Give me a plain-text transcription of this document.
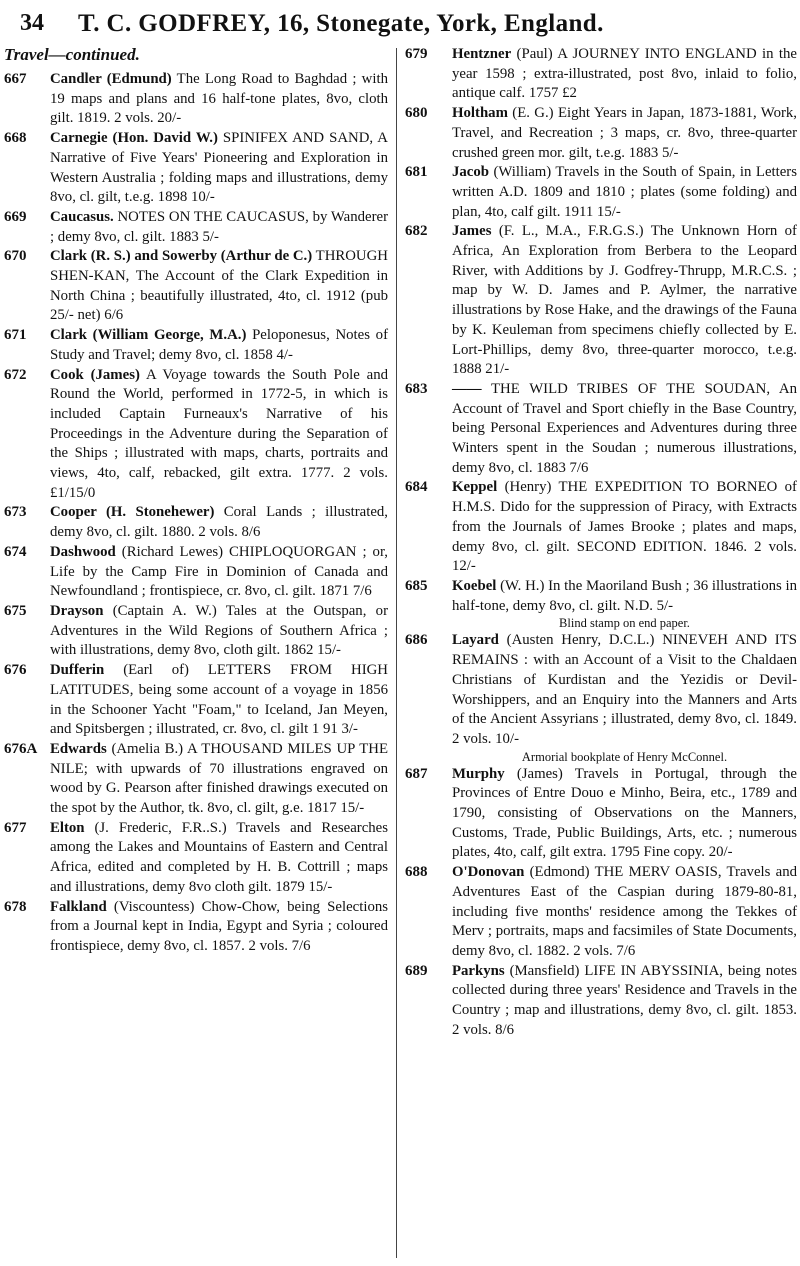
34 T. C. GODFREY, 16, Stonegate, York, England.
Travel—continued.
667 Candler (Edmund) The Long Road to Baghdad ; with 19 maps and plans and 16 half-tone plates, 8vo, cloth gilt. 1819. 2 vols. 20/-
668 Carnegie (Hon. David W.) SPINIFEX AND SAND, A Narrative of Five Years' Pioneering and Exploration in Western Australia ; folding maps and illustrations, demy 8vo, cl. gilt, t.e.g. 1898 10/-
669 Caucasus. NOTES ON THE CAUCASUS, by Wanderer ; demy 8vo, cl. gilt. 1883 5/-
670 Clark (R. S.) and Sowerby (Arthur de C.) THROUGH SHEN-KAN, The Account of the Clark Expedition in North China ; beautifully illustrated, 4to, cl. 1912 (pub 25/- net) 6/6
671 Clark (William George, M.A.) Peloponesus, Notes of Study and Travel; demy 8vo, cl. 1858 4/-
672 Cook (James) A Voyage towards the South Pole and Round the World, performed in 1772-5, in which is included Captain Furneaux's Narrative of his Proceedings in the Adventure during the Separation of the Ships ; illustrated with maps, charts, portraits and views, 4to, calf, rebacked, gilt extra. 1777. 2 vols. £1/15/0
673 Cooper (H. Stonehewer) Coral Lands ; illustrated, demy 8vo, cl. gilt. 1880. 2 vols. 8/6
674 Dashwood (Richard Lewes) CHIPLOQUORGAN ; or, Life by the Camp Fire in Dominion of Canada and Newfoundland ; frontispiece, cr. 8vo, cl. gilt. 1871 7/6
675 Drayson (Captain A. W.) Tales at the Outspan, or Adventures in the Wild Regions of Southern Africa ; with illustrations, demy 8vo, cloth gilt. 1862 15/-
676 Dufferin (Earl of) LETTERS FROM HIGH LATITUDES, being some account of a voyage in 1856 in the Schooner Yacht "Foam," to Iceland, Jan Meyen, and Spitsbergen ; illustrated, cr. 8vo, cl. gilt 1 91 3/-
676A Edwards (Amelia B.) A THOUSAND MILES UP THE NILE; with upwards of 70 illustrations engraved on wood by G. Pearson after finished drawings executed on the spot by the Author, tk. 8vo, cl. gilt, g.e. 1817 15/-
677 Elton (J. Frederic, F.R..S.) Travels and Researches among the Lakes and Mountains of Eastern and Central Africa, edited and completed by H. B. Cottrill ; maps and illustrations, demy 8vo cloth gilt. 1879 15/-
678 Falkland (Viscountess) Chow-Chow, being Selections from a Journal kept in India, Egypt and Syria ; coloured frontispiece, demy 8vo, cl. 1857. 2 vols. 7/6
679 Hentzner (Paul) A JOURNEY INTO ENGLAND in the year 1598 ; extra-illustrated, post 8vo, inlaid to folio, antique calf. 1757 £2
680 Holtham (E. G.) Eight Years in Japan, 1873-1881, Work, Travel, and Recreation ; 3 maps, cr. 8vo, three-quarter crushed green mor. gilt, t.e.g. 1883 5/-
681 Jacob (William) Travels in the South of Spain, in Letters written A.D. 1809 and 1810 ; plates (some folding) and plan, 4to, calf gilt. 1911 15/-
682 James (F. L., M.A., F.R.G.S.) The Unknown Horn of Africa, An Exploration from Berbera to the Leopard River, with Additions by J. Godfrey-Thrupp, M.R.C.S. ; map by W. D. James and P. Aylmer, the narrative illustrations by Rose Hake, and the drawings of the Fauna by K. Keuleman from specimens chiefly collected by E. Lort-Phillips, demy 8vo, three-quarter morocco, t.e.g. 1888 21/-
683 —— THE WILD TRIBES OF THE SOUDAN, An Account of Travel and Sport chiefly in the Base Country, being Personal Experiences and Adventures during three Winters spent in the Soudan ; numerous illustrations, demy 8vo, cl. 1883 7/6
684 Keppel (Henry) THE EXPEDITION TO BORNEO of H.M.S. Dido for the suppression of Piracy, with Extracts from the Journals of James Brooke ; plates and maps, demy 8vo, cl. gilt. SECOND EDITION. 1846. 2 vols. 12/-
685 Koebel (W. H.) In the Maoriland Bush ; 36 illustrations in half-tone, demy 8vo, cl. gilt. N.D. 5/-
Blind stamp on end paper.
686 Layard (Austen Henry, D.C.L.) NINEVEH AND ITS REMAINS : with an Account of a Visit to the Chaldaen Christians of Kurdistan and the Yezidis or Devil-Worshippers, and an Enquiry into the Manners and Arts of the Ancient Assyrians ; illustrated, demy 8vo, cl. 1849. 2 vols. 10/-
Armorial bookplate of Henry McConnel.
687 Murphy (James) Travels in Portugal, through the Provinces of Entre Douo e Minho, Beira, etc., 1789 and 1790, consisting of Observations on the Manners, Customs, Trade, Public Buildings, Arts, etc. ; numerous plates, 4to, calf, gilt extra. 1795 Fine copy. 20/-
688 O'Donovan (Edmond) THE MERV OASIS, Travels and Adventures East of the Caspian during 1879-80-81, including five months' residence among the Tekkes of Merv ; portraits, maps and facsimiles of State Documents, demy 8vo, cl. 1882. 2 vols. 7/6
689 Parkyns (Mansfield) LIFE IN ABYSSINIA, being notes collected during three years' Residence and Travels in the Country ; map and illustrations, demy 8vo, cl. gilt. 1853. 2 vols. 8/6
